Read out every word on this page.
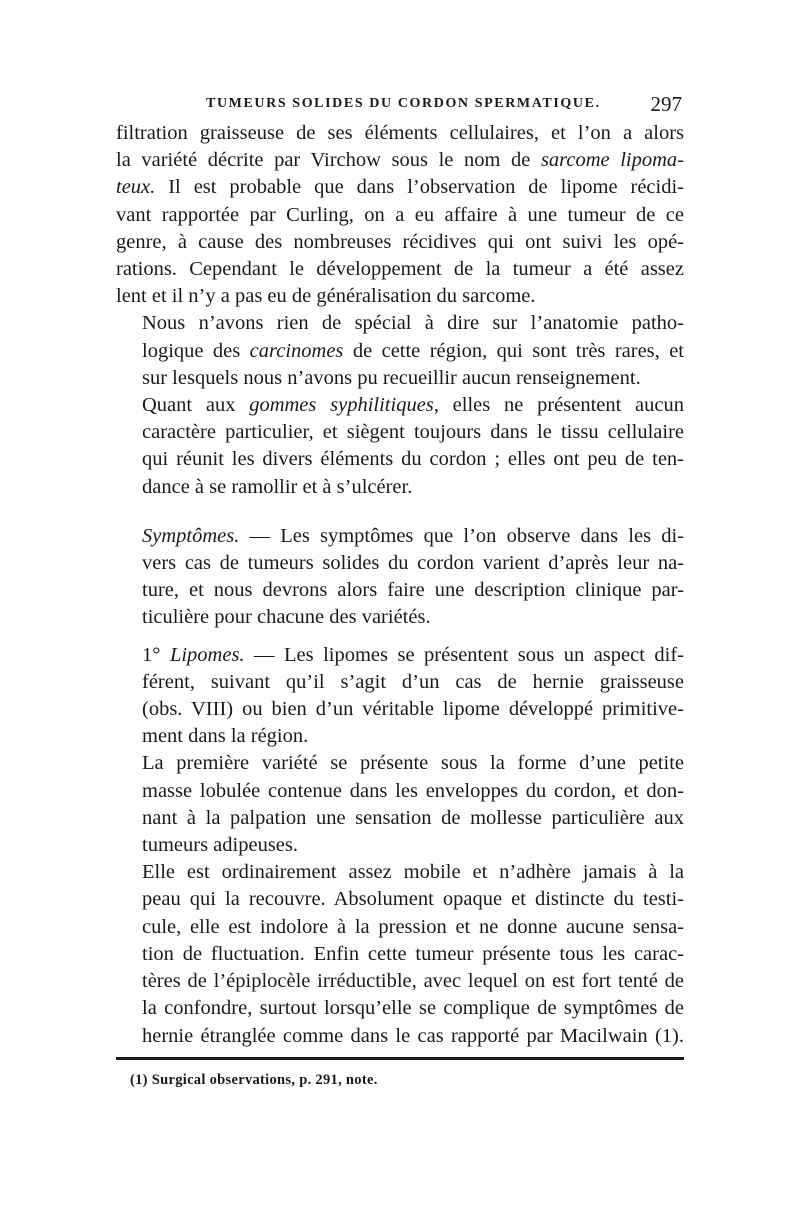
TUMEURS SOLIDES DU CORDON SPERMATIQUE. 297

filtration graisseuse de ses éléments cellulaires, et l’on a alors
la variété décrite par Virchow sous le nom de sarcome lipoma-
teux. Il est probable que dans l’observation de lipome récidi-
vant rapportée par Curling, on a eu affaire à une tumeur de ce
genre, à cause des nombreuses récidives qui ont suivi les opé-
rations. Cependant le développement de la tumeur a été assez
lent et il n’y a pas eu de généralisation du sarcome.

Nous n’avons rien de spécial à dire sur l’anatomie patho-
logique des carcinomes de cette région, qui sont très rares, et
sur lesquels nous n’avons pu recueillir aucun renseignement.

Quant aux gommes syphilitiques, elles ne présentent aucun
caractère particulier, et siègent toujours dans le tissu cellulaire
qui réunit les divers éléments du cordon ; elles ont peu de ten-
dance à se ramollir et à s’ulcérer.

Symptômes. — Les symptômes que l’on observe dans les di-
vers cas de tumeurs solides du cordon varient d’après leur na-
ture, et nous devrons alors faire une description clinique par-
ticulière pour chacune des variétés.

1° Lipomes. — Les lipomes se présentent sous un aspect dif-
férent, suivant qu’il s’agit d’un cas de hernie graisseuse
(obs. VIII) ou bien d’un véritable lipome développé primitive-
ment dans la région.

La première variété se présente sous la forme d’une petite
masse lobulée contenue dans les enveloppes du cordon, et don-
nant à la palpation une sensation de mollesse particulière aux
tumeurs adipeuses.

Elle est ordinairement assez mobile et n’adhère jamais à la
peau qui la recouvre. Absolument opaque et distincte du testi-
cule, elle est indolore à la pression et ne donne aucune sensa-
tion de fluctuation. Enfin cette tumeur présente tous les carac-
tères de l’épiplocèle irréductible, avec lequel on est fort tenté de
la confondre, surtout lorsqu’elle se complique de symptômes de
hernie étranglée comme dans le cas rapporté par Macilwain (1).

(1) Surgical observations, p. 291, note.
